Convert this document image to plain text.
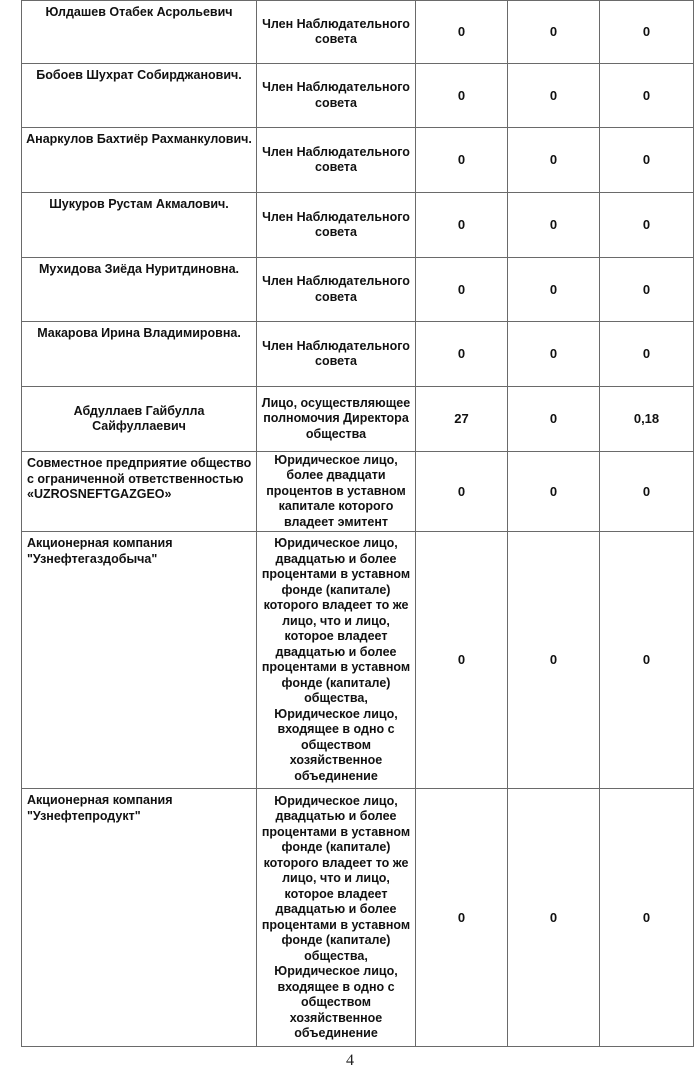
Юлдашев Отабек Асрольевич	Член Наблюдательного совета	0	0	0
Бобоев Шухрат Собирджанович.	Член Наблюдательного совета	0	0	0
Анаркулов Бахтиёр Рахманкулович.	Член Наблюдательного совета	0	0	0
Шукуров Рустам Акмалович.	Член Наблюдательного совета	0	0	0
Мухидова Зиёда Нуритдиновна.	Член Наблюдательного совета	0	0	0
Макарова Ирина Владимировна.	Член Наблюдательного совета	0	0	0
Абдуллаев Гайбулла Сайфуллаевич	Лицо, осуществляющее полномочия Директора общества	27	0	0,18
Совместное предприятие общество с ограниченной ответственностью «UZROSNEFTGAZGEO»	Юридическое лицо, более двадцати процентов в уставном капитале которого владеет эмитент	0	0	0
Акционерная компания "Узнефтегаздобыча"	Юридическое лицо, двадцатью и более процентами в уставном фонде (капитале) которого владеет то же лицо, что и лицо, которое владеет двадцатью и более процентами в уставном фонде (капитале) общества, Юридическое лицо, входящее в одно с обществом хозяйственное объединение	0	0	0
Акционерная компания "Узнефтепродукт"	Юридическое лицо, двадцатью и более процентами в уставном фонде (капитале) которого владеет то же лицо, что и лицо, которое владеет двадцатью и более процентами в уставном фонде (капитале) общества, Юридическое лицо, входящее в одно с обществом хозяйственное объединение	0	0	0
4
